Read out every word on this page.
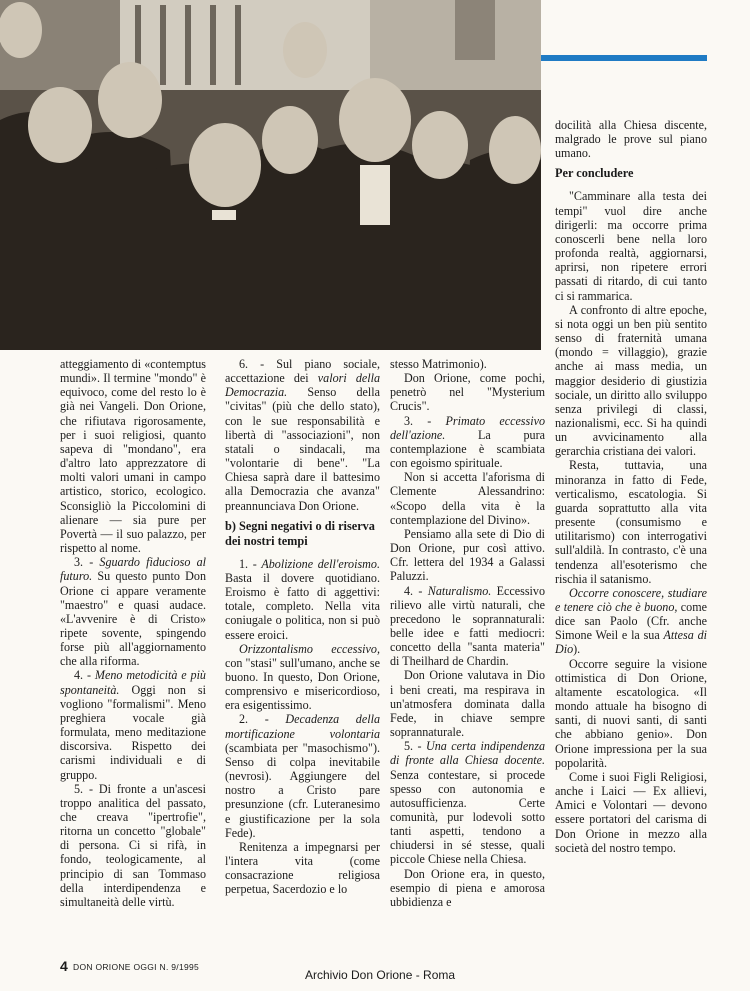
atteggiamento di «contemptus mundi». Il termine "mondo" è equivoco, come del resto lo è già nei Vangeli. Don Orione, che rifiutava rigorosamente, per i suoi religiosi, quanto sapeva di "mondano", era d'altro lato apprezzatore di molti valori umani in campo artistico, storico, ecologico. Sconsigliò la Piccolomini di alienare — sia pure per Povertà — il suo palazzo, per rispetto al nome.

3. - Sguardo fiducioso al futuro. Su questo punto Don Orione ci appare veramente "maestro" e quasi audace. «L'avvenire è di Cristo» ripete sovente, spingendo forse più all'aggiornamento che alla riforma.

4. - Meno metodicità e più spontaneità. Oggi non si vogliono "formalismi". Meno preghiera vocale già formulata, meno meditazione discorsiva. Rispetto dei carismi individuali e di gruppo.

5. - Di fronte a un'ascesi troppo analitica del passato, che creava "ipertrofie", ritorna un concetto "globale" di persona. Ci si rifà, in fondo, teologicamente, al principio di san Tommaso della interdipendenza e simultaneità delle virtù.

6. - Sul piano sociale, accettazione dei valori della Democrazia. Senso della "civitas" (più che dello stato), con le sue responsabilità e libertà di "associazioni", non statali o sindacali, ma "volontarie di bene". "La Chiesa saprà dare il battesimo alla Democrazia che avanza" preannunciava Don Orione.

b) Segni negativi o di riserva dei nostri tempi

1. - Abolizione dell'eroismo. Basta il dovere quotidiano. Eroismo è fatto di aggettivi: totale, completo. Nella vita coniugale o politica, non si può essere eroici.

Orizzontalismo eccessivo, con "stasi" sull'umano, anche se buono. In questo, Don Orione, comprensivo e misericordioso, era esigentissimo.

2. - Decadenza della mortificazione volontaria (scambiata per "masochismo"). Senso di colpa inevitabile (nevrosi). Aggiungere del nostro a Cristo pare presunzione (cfr. Luteranesimo e giustificazione per la sola Fede).

Renitenza a impegnarsi per l'intera vita (come consacrazione religiosa perpetua, Sacerdozio e lo

stesso Matrimonio).

Don Orione, come pochi, penetrò nel "Mysterium Crucis".

3. - Primato eccessivo dell'azione. La pura contemplazione è scambiata con egoismo spirituale.

Non si accetta l'aforisma di Clemente Alessandrino: «Scopo della vita è la contemplazione del Divino».

Pensiamo alla sete di Dio di Don Orione, pur così attivo. Cfr. lettera del 1934 a Galassi Paluzzi.

4. - Naturalismo. Eccessivo rilievo alle virtù naturali, che precedono le soprannaturali: belle idee e fatti mediocri: concetto della "santa materia" di Theilhard de Chardin.

Don Orione valutava in Dio i beni creati, ma respirava in un'atmosfera dominata dalla Fede, in chiave sempre soprannaturale.

5. - Una certa indipendenza di fronte alla Chiesa docente. Senza contestare, si procede spesso con autonomia e autosufficienza. Certe comunità, pur lodevoli sotto tanti aspetti, tendono a chiudersi in sé stesse, quali piccole Chiese nella Chiesa.

Don Orione era, in questo, esempio di piena e amorosa ubbidienza e

docilità alla Chiesa discente, malgrado le prove sul piano umano.

Per concludere

"Camminare alla testa dei tempi" vuol dire anche dirigerli: ma occorre prima conoscerli bene nella loro profonda realtà, aggiornarsi, aprirsi, non ripetere errori passati di ritardo, di cui tanto ci si rammarica.

A confronto di altre epoche, si nota oggi un ben più sentito senso di fraternità umana (mondo = villaggio), grazie anche ai mass media, un maggior desiderio di giustizia sociale, un diritto allo sviluppo senza privilegi di classi, nazionalismi, ecc. Si ha quindi un avvicinamento alla gerarchia cristiana dei valori.

Resta, tuttavia, una minoranza in fatto di Fede, verticalismo, escatologia. Si guarda soprattutto alla vita presente (consumismo e utilitarismo) con interrogativi sull'aldilà. In contrasto, c'è una tendenza all'esoterismo che rischia il satanismo.

Occorre conoscere, studiare e tenere ciò che è buono, come dice san Paolo (Cfr. anche Simone Weil e la sua Attesa di Dio).

Occorre seguire la visione ottimistica di Don Orione, altamente escatologica. «Il mondo attuale ha bisogno di santi, di nuovi santi, di santi che abbiano genio». Don Orione impressiona per la sua popolarità.

Come i suoi Figli Religiosi, anche i Laici — Ex allievi, Amici e Volontari — devono essere portatori del carisma di Don Orione in mezzo alla società del nostro tempo.

4 DON ORIONE OGGI N. 9/1995
Archivio Don Orione - Roma
